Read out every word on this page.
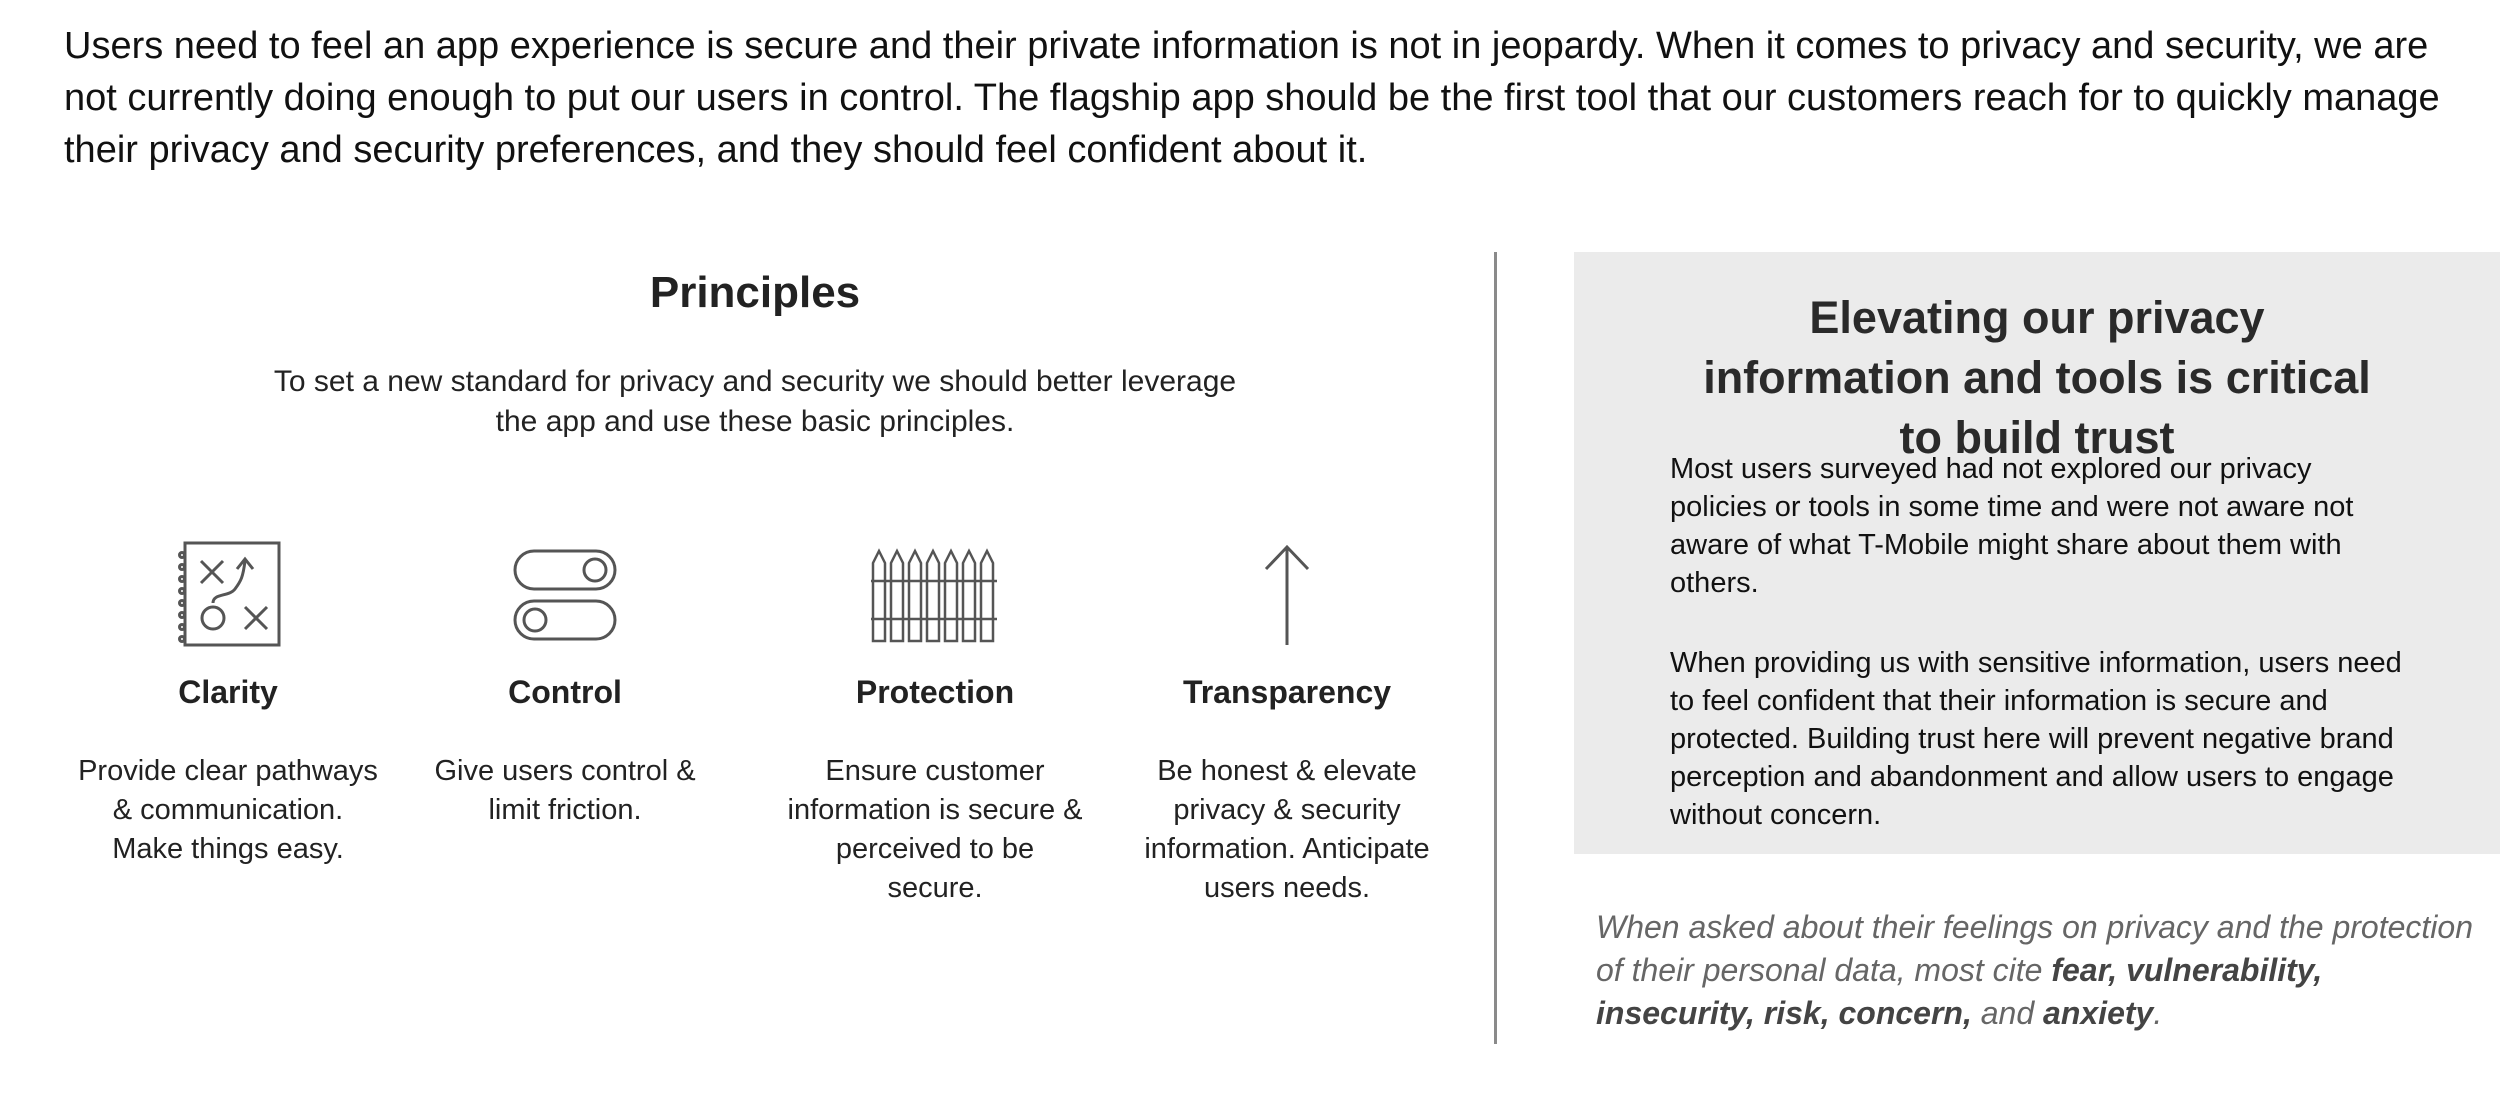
Users need to feel an app experience is secure and their private information is not in jeopardy. When it comes to privacy and security, we are not currently doing enough to put our users in control. The flagship app should be the first tool that our customers reach for to quickly manage their privacy and security preferences, and they should feel confident about it.
Principles
To set a new standard for privacy and security we should better leverage the app and use these basic principles.
Clarity
Provide clear pathways & communication. Make things easy.
Control
Give users control & limit friction.
Protection
Ensure customer information is secure & perceived to be secure.
Transparency
Be honest & elevate privacy & security information. Anticipate users needs.
Elevating our privacy information and tools is critical to build trust
Most users surveyed had not explored our privacy policies or tools in some time and were not aware not aware of what T-Mobile might share about them with others.
When providing us with sensitive information, users need to feel confident that their information is secure and protected. Building trust here will prevent negative brand perception and abandonment and allow users to engage without concern.
When asked about their feelings on privacy and the protection of their personal data, most cite fear, vulnerability, insecurity, risk, concern, and anxiety.
